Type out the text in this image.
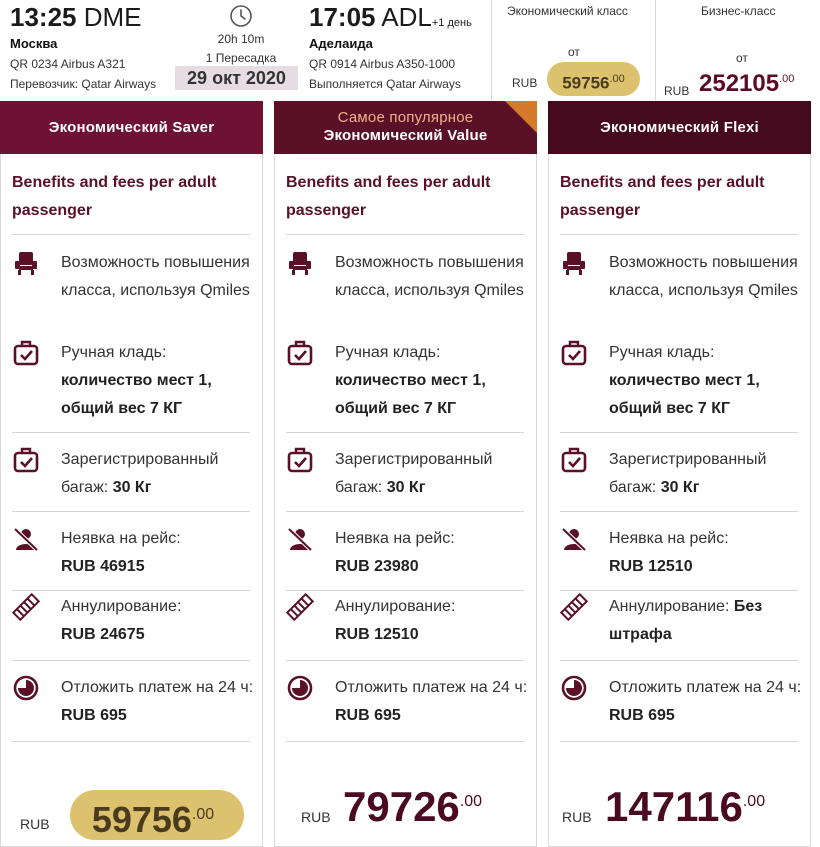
13:25 DME
Москва
QR 0234 Airbus A321
Перевозчик: Qatar Airways
20h 10m
1 Пересадка
29 окт 2020
17:05 $ADL^{+1 день}$
Аделаида
QR 0914 Airbus A350-1000
Выполняется Qatar Airways
Экономический класс
от
RUB	$59756^{.00}$
Бизнес-класс
от
RUB $252105^{.00}$
Экономический Saver
Benefits and fees per adult passenger
Возможность повышения класса, используя Qmiles
Ручная кладь:
количество мест 1, общий вес 7 КГ
Зарегистрированный багаж: 30 Кг
Неявка на рейс:
RUB 46915
Аннулирование:
RUB 24675
Отложить платеж на 24 ч: RUB 695
RUB	$59756^{.00}$
Самое популярное
Экономический Value
Benefits and fees per adult passenger
Возможность повышения класса, используя Qmiles
Ручная кладь:
количество мест 1, общий вес 7 КГ
Зарегистрированный багаж: 30 Кг
Неявка на рейс:
RUB 23980
Аннулирование:
RUB 12510
Отложить платеж на 24 ч: RUB 695
RUB $79726^{.00}$
Экономический Flexi
Benefits and fees per adult passenger
Возможность повышения класса, используя Qmiles
Ручная кладь:
количество мест 1, общий вес 7 КГ
Зарегистрированный багаж: 30 Кг
Неявка на рейс:
RUB 12510
Аннулирование: Без штрафа
Отложить платеж на 24 ч: RUB 695
RUB $147116^{.00}$
